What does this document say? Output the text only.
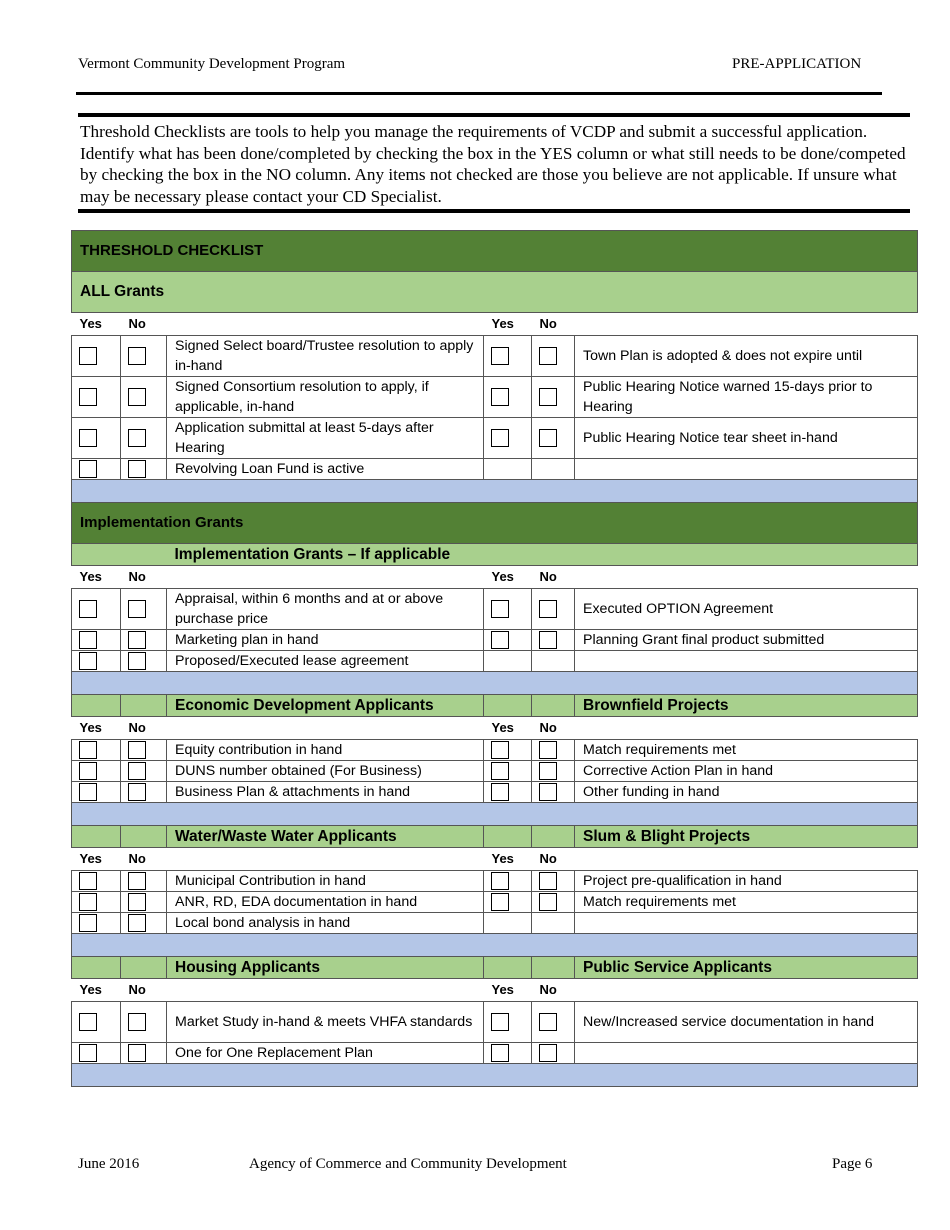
Vermont Community Development Program	PRE-APPLICATION
Threshold Checklists are tools to help you manage the requirements of VCDP and submit a successful application. Identify what has been done/completed by checking the box in the YES column or what still needs to be done/competed by checking the box in the NO column. Any items not checked are those you believe are not applicable. If unsure what may be necessary please contact your CD Specialist.
THRESHOLD CHECKLIST					
ALL Grants					
Yes	No		Yes	No	
		Signed Select board/Trustee resolution to apply in-hand			Town Plan is adopted & does not expire until
		Signed Consortium resolution to apply, if applicable, in-hand			Public Hearing Notice warned 15-days prior to Hearing
		Application submittal at least 5-days after Hearing			Public Hearing Notice tear sheet in-hand
		Revolving Loan Fund is active			

Implementation Grants					
		Implementation Grants – If applicable			
Yes	No		Yes	No	
		Appraisal, within 6 months and at or above purchase price			Executed OPTION Agreement
		Marketing plan in hand			Planning Grant final product submitted
		Proposed/Executed lease agreement			

		Economic Development Applicants			Brownfield Projects
Yes	No		Yes	No	
		Equity contribution in hand			Match requirements met
		DUNS number obtained (For Business)			Corrective Action Plan in hand
		Business Plan & attachments in hand			Other funding in hand

		Water/Waste Water Applicants			Slum & Blight Projects
Yes	No		Yes	No	
		Municipal Contribution in hand			Project pre-qualification in hand
		ANR, RD, EDA documentation in hand			Match requirements met
		Local bond analysis in hand			

		Housing Applicants			Public Service Applicants
Yes	No		Yes	No	
		Market Study in-hand & meets VHFA standards			New/Increased service documentation in hand
		One for One Replacement Plan			

June 2016	Agency of Commerce and Community Development	Page 6
